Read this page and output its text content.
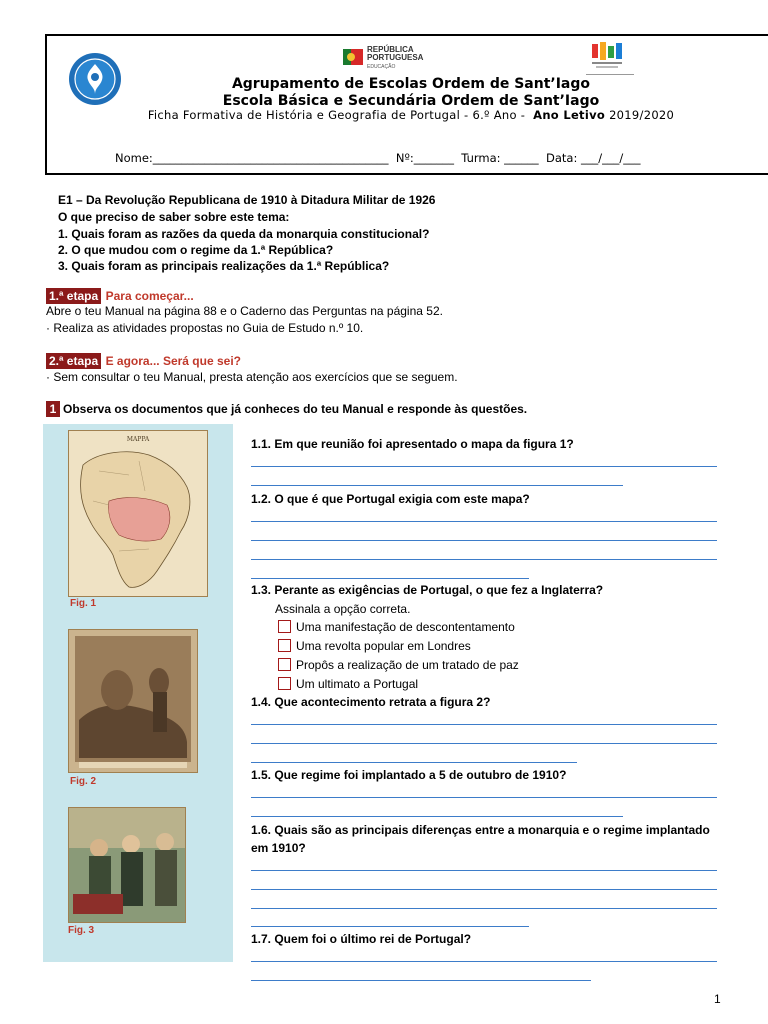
REPÚBLICA
PORTUGUESA
EDUCAÇÃO
Agrupamento de Escolas Ordem de Sant’Iago
Escola Básica e Secundária Ordem de Sant’Iago
Ficha Formativa de História e Geografia de Portugal - 6.º Ano - Ano Letivo 2019/2020
Nome:_________________________________________  Nº:_______  Turma: ______  Data: ___/___/___
E1 – Da Revolução Republicana de 1910 à Ditadura Militar de 1926
O que preciso de saber sobre este tema:
1. Quais foram as razões da queda da monarquia constitucional?
2. O que mudou com o regime da 1.ª República?
3. Quais foram as principais realizações da 1.ª República?
1.ª etapa Para começar...
Abre o teu Manual na página 88 e o Caderno das Perguntas na página 52.
· Realiza as atividades propostas no Guia de Estudo n.º 10.
2.ª etapa E agora... Será que sei?
· Sem consultar o teu Manual, presta atenção aos exercícios que se seguem.
1 Observa os documentos que já conheces do teu Manual e responde às questões.
MAPPA
Fig. 1
Fig. 2
Fig. 3
1.1. Em que reunião foi apresentado o mapa da figura 1?
1.2. O que é que Portugal exigia com este mapa?
1.3. Perante as exigências de Portugal, o que fez a Inglaterra?
Assinala a opção correta.
Uma manifestação de descontentamento
Uma revolta popular em Londres
Propôs a realização de um tratado de paz
Um ultimato a Portugal
1.4. Que acontecimento retrata a figura 2?
1.5. Que regime foi implantado a 5 de outubro de 1910?
1.6. Quais são as principais diferenças entre a monarquia e o regime implantado
em 1910?
1.7. Quem foi o último rei de Portugal?
1
